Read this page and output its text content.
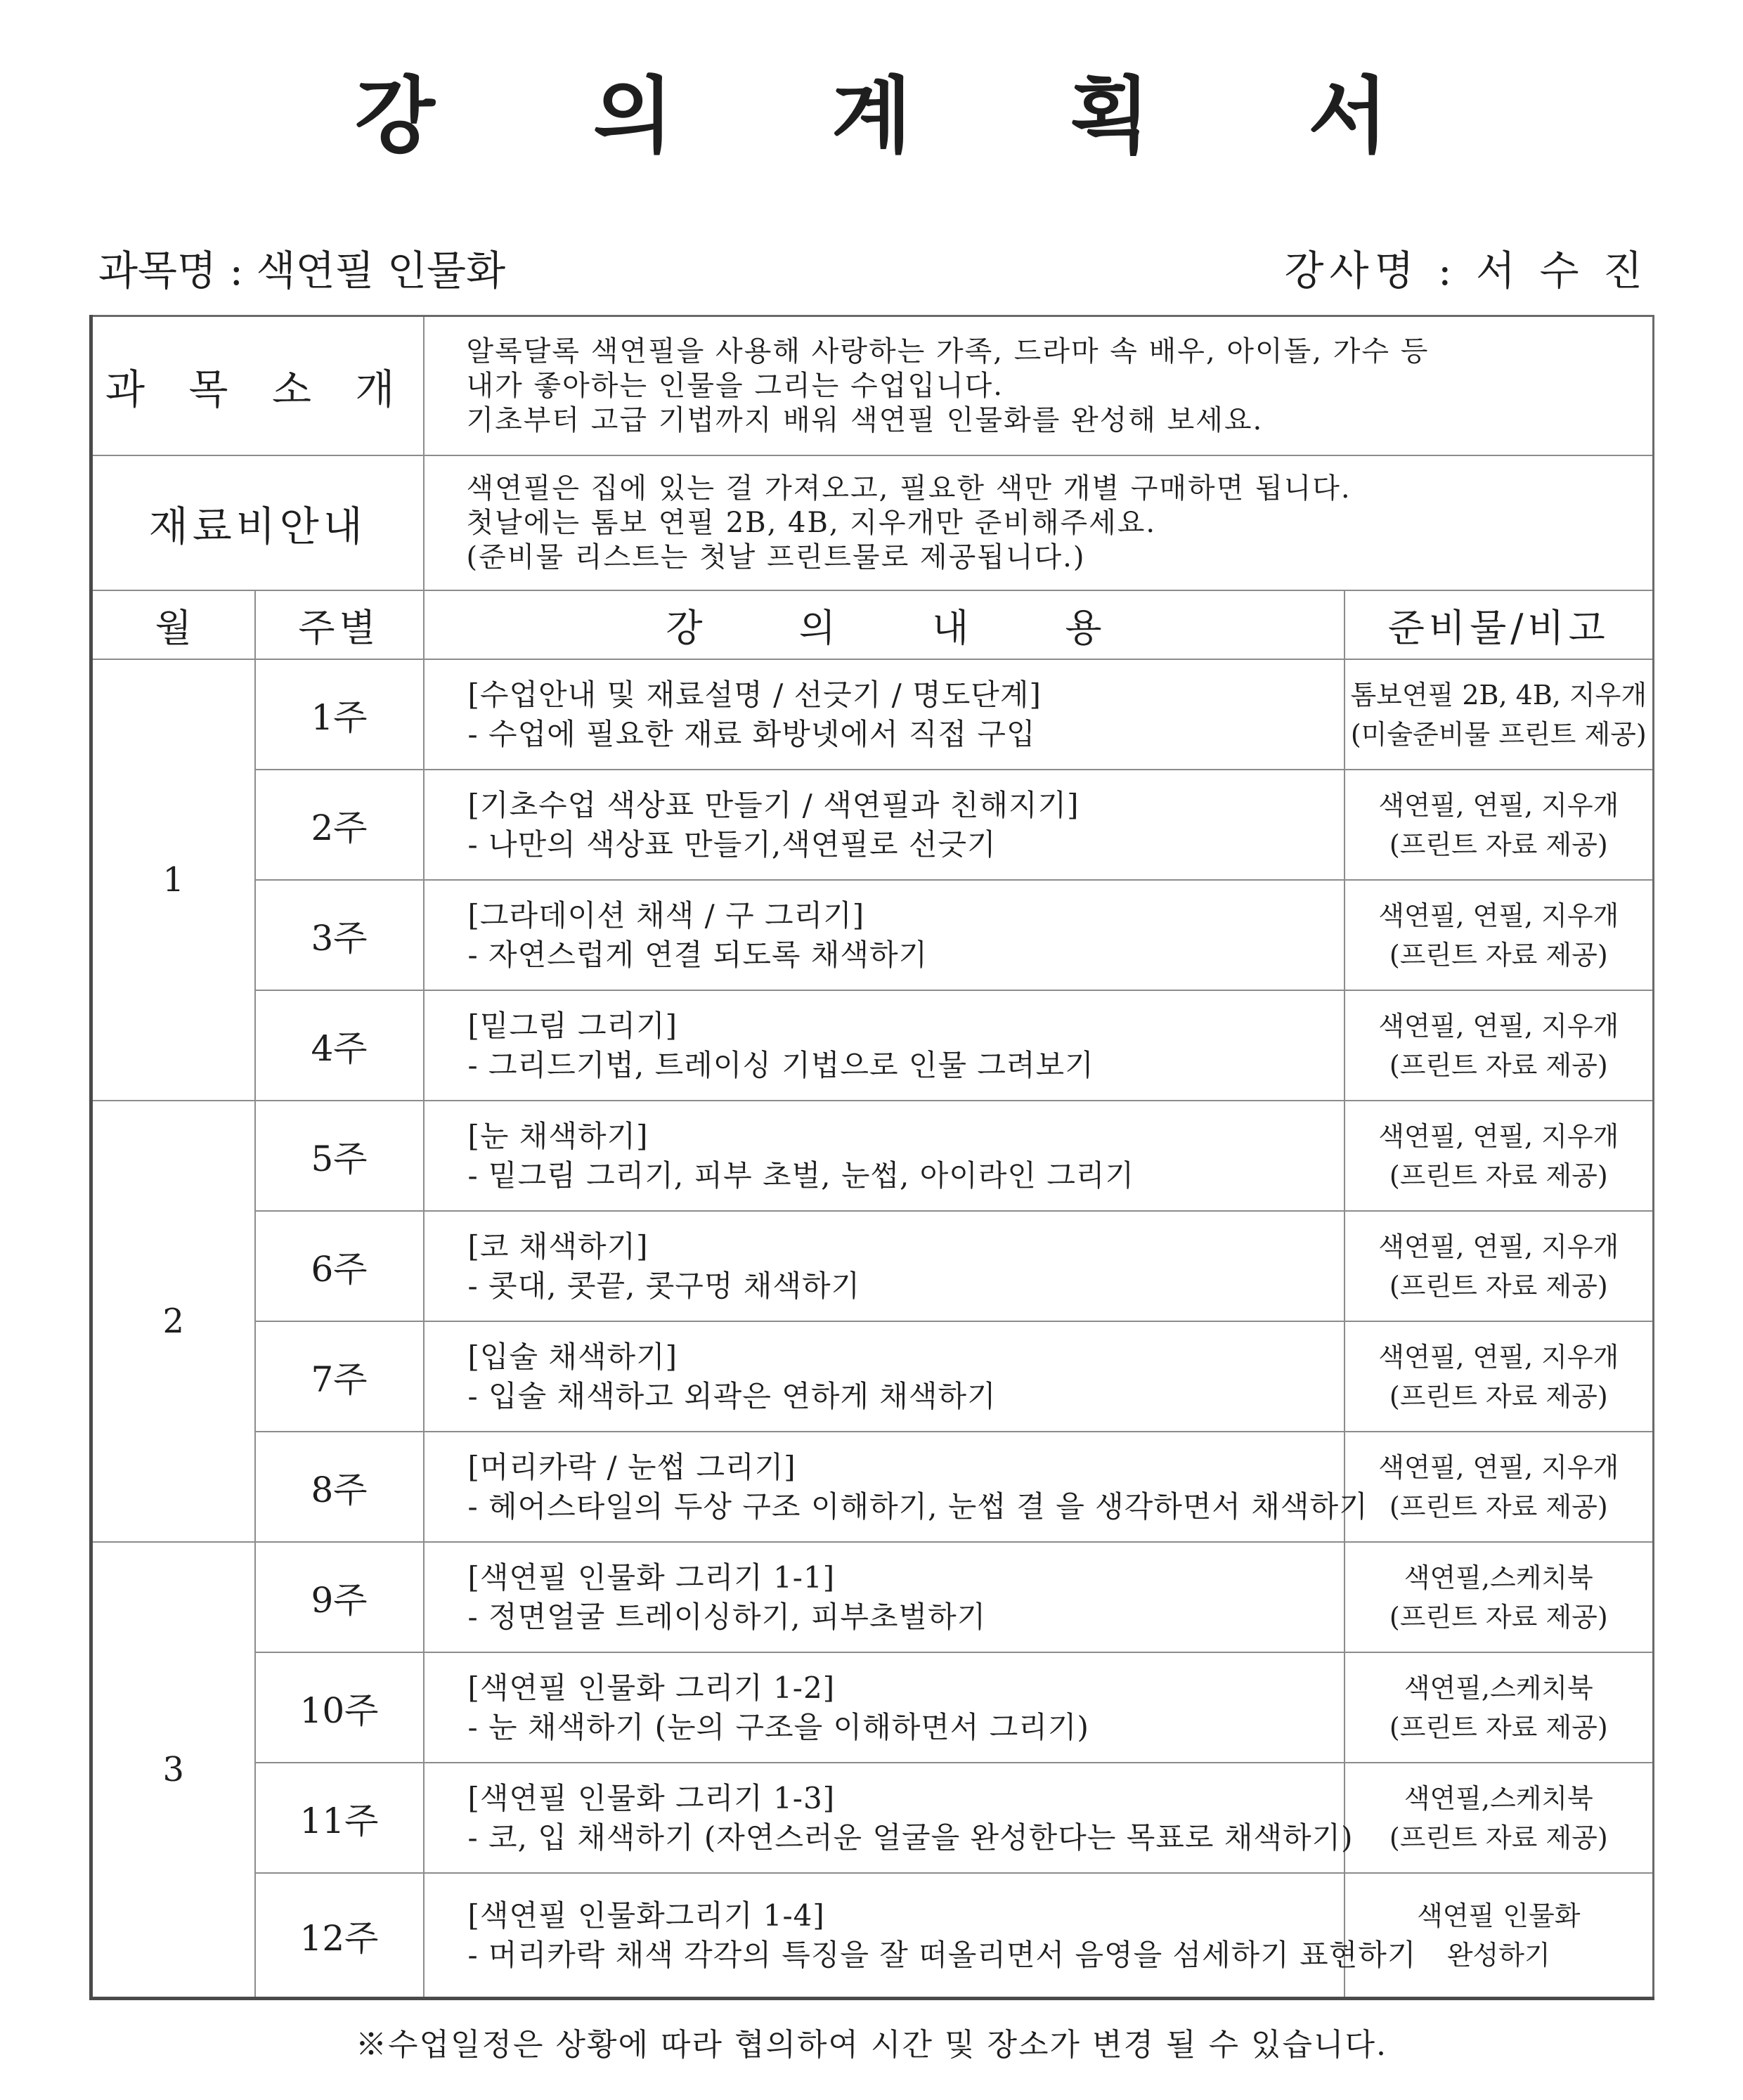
강 의 계 획 서
과목명 : 색연필 인물화	강사명 : 서 수 진
과 목 소 개		알록달록 색연필을 사용해 사랑하는 가족, 드라마 속 배우, 아이돌, 가수 등
내가 좋아하는 인물을 그리는 수업입니다.
기초부터 고급 기법까지 배워 색연필 인물화를 완성해 보세요.	

재료비안내		색연필은 집에 있는 걸 가져오고, 필요한 색만 개별 구매하면 됩니다.
첫날에는 톰보 연필 2B, 4B, 지우개만 준비해주세요.
(준비물 리스트는 첫날 프린트물로 제공됩니다.)	

월	주별	강 의 내 용	준비물/비고
1	1주	[수업안내 및 재료설명 / 선긋기 / 명도단계]
- 수업에 필요한 재료 화방넷에서 직접 구입	톰보연필 2B, 4B, 지우개
(미술준비물 프린트 제공)

	2주	[기초수업 색상표 만들기 / 색연필과 친해지기]
- 나만의 색상표 만들기,색연필로 선긋기	색연필, 연필, 지우개
(프린트 자료 제공)

	3주	[그라데이션 채색 / 구 그리기]
- 자연스럽게 연결 되도록 채색하기	색연필, 연필, 지우개
(프린트 자료 제공)

	4주	[밑그림 그리기]
- 그리드기법, 트레이싱 기법으로 인물 그려보기	색연필, 연필, 지우개
(프린트 자료 제공)

2	5주	[눈 채색하기]
- 밑그림 그리기, 피부 초벌, 눈썹, 아이라인 그리기	색연필, 연필, 지우개
(프린트 자료 제공)

	6주	[코 채색하기]
- 콧대, 콧끝, 콧구멍 채색하기	색연필, 연필, 지우개
(프린트 자료 제공)

	7주	[입술 채색하기]
- 입술 채색하고 외곽은 연하게 채색하기	색연필, 연필, 지우개
(프린트 자료 제공)

	8주	[머리카락 / 눈썹 그리기]
- 헤어스타일의 두상 구조 이해하기, 눈썹 결 을 생각하면서 채색하기	색연필, 연필, 지우개
(프린트 자료 제공)

3	9주	[색연필 인물화 그리기 1-1]
- 정면얼굴 트레이싱하기, 피부초벌하기	색연필,스케치북
(프린트 자료 제공)

	10주	[색연필 인물화 그리기 1-2]
- 눈 채색하기 (눈의 구조을 이해하면서 그리기)	색연필,스케치북
(프린트 자료 제공)

	11주	[색연필 인물화 그리기 1-3]
- 코, 입 채색하기 (자연스러운 얼굴을 완성한다는 목표로 채색하기)	색연필,스케치북
(프린트 자료 제공)

	12주	[색연필 인물화그리기 1-4]
- 머리카락 채색 각각의 특징을 잘 떠올리면서 음영을 섬세하기 표현하기	색연필 인물화
완성하기
※수업일정은 상황에 따라 협의하여 시간 및 장소가 변경 될 수 있습니다.
